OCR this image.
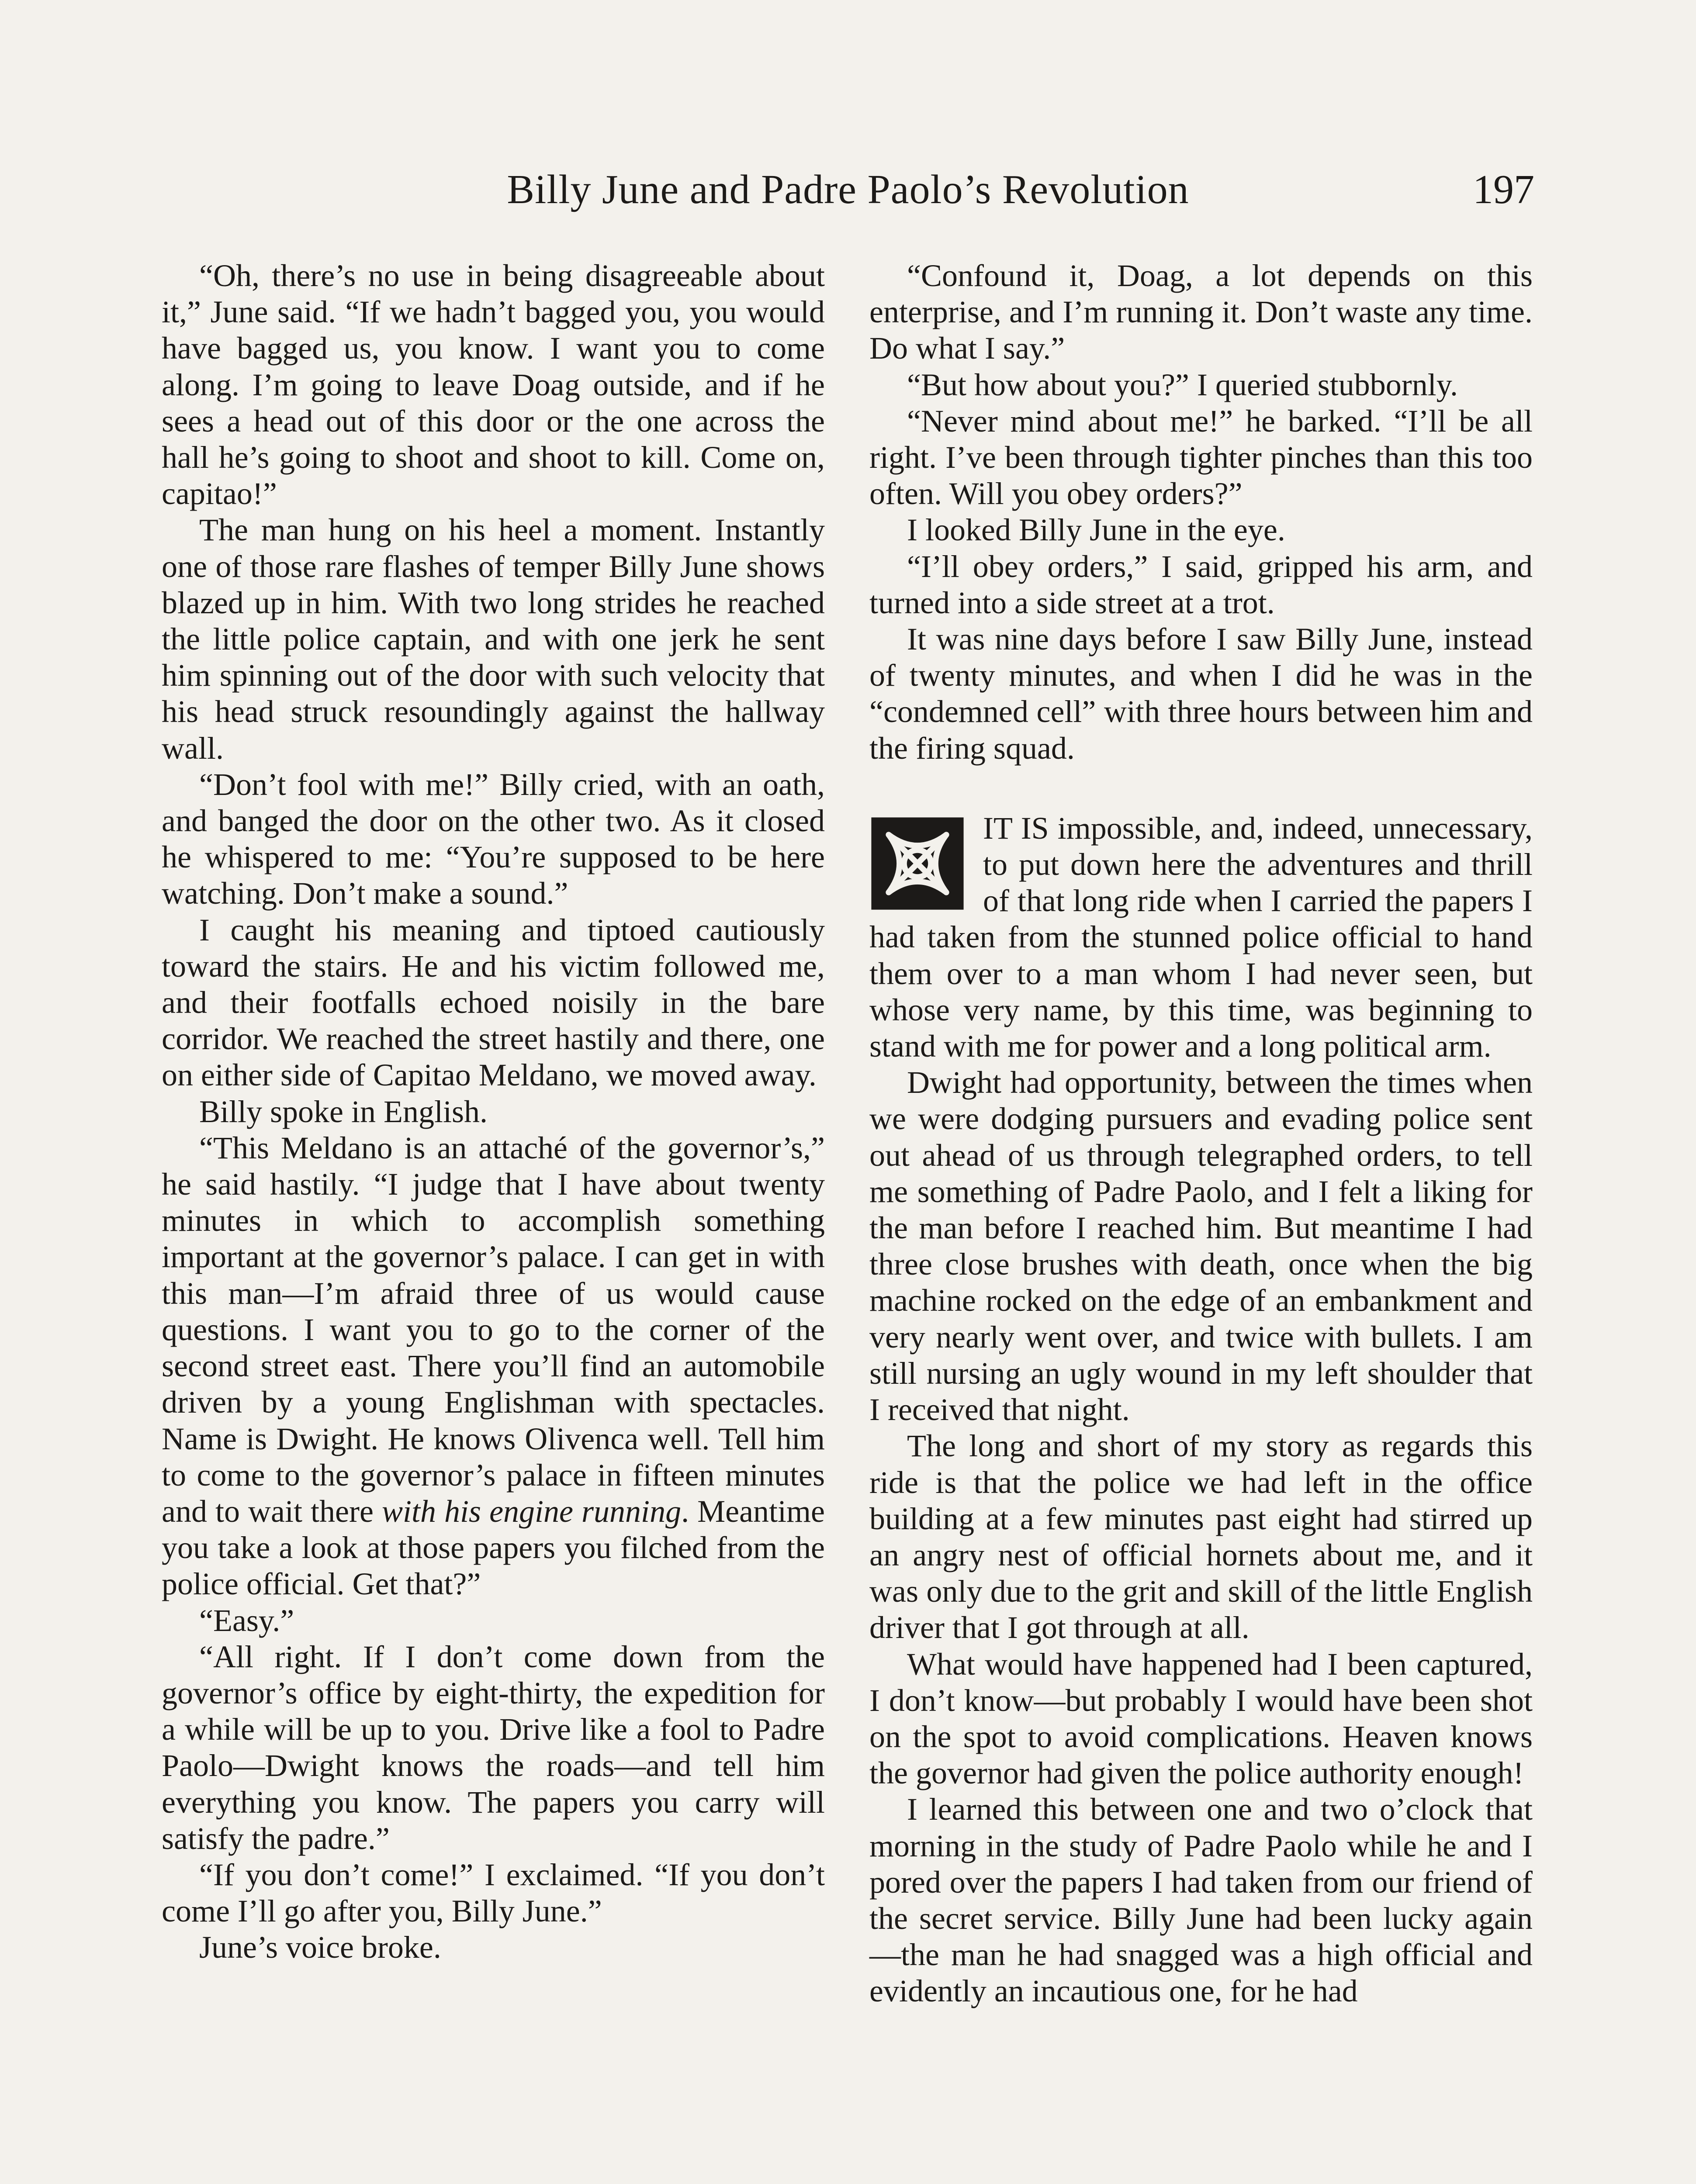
Billy June and Padre Paolo’s Revolution	197

“Oh, there’s no use in being disagreeable about it,” June said. “If we hadn’t bagged you, you would have bagged us, you know. I want you to come along. I’m going to leave Doag outside, and if he sees a head out of this door or the one across the hall he’s going to shoot and shoot to kill. Come on, capitao!”

The man hung on his heel a moment. Instantly one of those rare flashes of temper Billy June shows blazed up in him. With two long strides he reached the little police captain, and with one jerk he sent him spinning out of the door with such velocity that his head struck resoundingly against the hallway wall.

“Don’t fool with me!” Billy cried, with an oath, and banged the door on the other two. As it closed he whispered to me: “You’re supposed to be here watching. Don’t make a sound.”

I caught his meaning and tiptoed cautiously toward the stairs. He and his victim followed me, and their footfalls echoed noisily in the bare corridor. We reached the street hastily and there, one on either side of Capitao Meldano, we moved away.

Billy spoke in English.

“This Meldano is an attaché of the governor’s,” he said hastily. “I judge that I have about twenty minutes in which to accomplish something important at the governor’s palace. I can get in with this man—I’m afraid three of us would cause questions. I want you to go to the corner of the second street east. There you’ll find an automobile driven by a young Englishman with spectacles. Name is Dwight. He knows Olivenca well. Tell him to come to the governor’s palace in fifteen minutes and to wait there with his engine running. Meantime you take a look at those papers you filched from the police official. Get that?”

“Easy.”

“All right. If I don’t come down from the governor’s office by eight-thirty, the expedition for a while will be up to you. Drive like a fool to Padre Paolo—Dwight knows the roads—and tell him everything you know. The papers you carry will satisfy the padre.”

“If you don’t come!” I exclaimed. “If you don’t come I’ll go after you, Billy June.”

June’s voice broke.

“Confound it, Doag, a lot depends on this enterprise, and I’m running it. Don’t waste any time. Do what I say.”

“But how about you?” I queried stubbornly.

“Never mind about me!” he barked. “I’ll be all right. I’ve been through tighter pinches than this too often. Will you obey orders?”

I looked Billy June in the eye.

“I’ll obey orders,” I said, gripped his arm, and turned into a side street at a trot.

It was nine days before I saw Billy June, instead of twenty minutes, and when I did he was in the “condemned cell” with three hours between him and the firing squad.

IT IS impossible, and, indeed, unnecessary, to put down here the adventures and thrill of that long ride when I carried the papers I had taken from the stunned police official to hand them over to a man whom I had never seen, but whose very name, by this time, was beginning to stand with me for power and a long political arm.

Dwight had opportunity, between the times when we were dodging pursuers and evading police sent out ahead of us through telegraphed orders, to tell me something of Padre Paolo, and I felt a liking for the man before I reached him. But meantime I had three close brushes with death, once when the big machine rocked on the edge of an embankment and very nearly went over, and twice with bullets. I am still nursing an ugly wound in my left shoulder that I received that night.

The long and short of my story as regards this ride is that the police we had left in the office building at a few minutes past eight had stirred up an angry nest of official hornets about me, and it was only due to the grit and skill of the little English driver that I got through at all.

What would have happened had I been captured, I don’t know—but probably I would have been shot on the spot to avoid complications. Heaven knows the governor had given the police authority enough!

I learned this between one and two o’clock that morning in the study of Padre Paolo while he and I pored over the papers I had taken from our friend of the secret service. Billy June had been lucky again—the man he had snagged was a high official and evidently an incautious one, for he had
